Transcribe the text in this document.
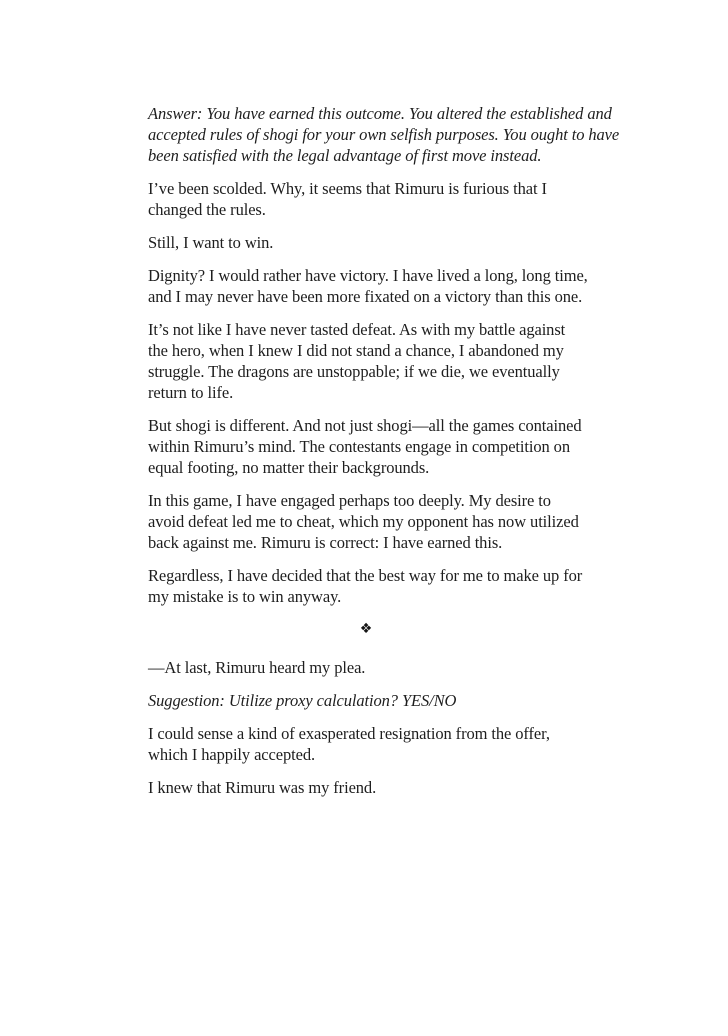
Answer: You have earned this outcome. You altered the established and
accepted rules of shogi for your own selfish purposes. You ought to have
been satisfied with the legal advantage of first move instead.

I’ve been scolded. Why, it seems that Rimuru is furious that I
changed the rules.

Still, I want to win.

Dignity? I would rather have victory. I have lived a long, long time,
and I may never have been more fixated on a victory than this one.

It’s not like I have never tasted defeat. As with my battle against
the hero, when I knew I did not stand a chance, I abandoned my
struggle. The dragons are unstoppable; if we die, we eventually
return to life.

But shogi is different. And not just shogi—all the games contained
within Rimuru’s mind. The contestants engage in competition on
equal footing, no matter their backgrounds.

In this game, I have engaged perhaps too deeply. My desire to
avoid defeat led me to cheat, which my opponent has now utilized
back against me. Rimuru is correct: I have earned this.

Regardless, I have decided that the best way for me to make up for
my mistake is to win anyway.

❖

—At last, Rimuru heard my plea.

Suggestion: Utilize proxy calculation? YES/NO

I could sense a kind of exasperated resignation from the offer,
which I happily accepted.

I knew that Rimuru was my friend.
